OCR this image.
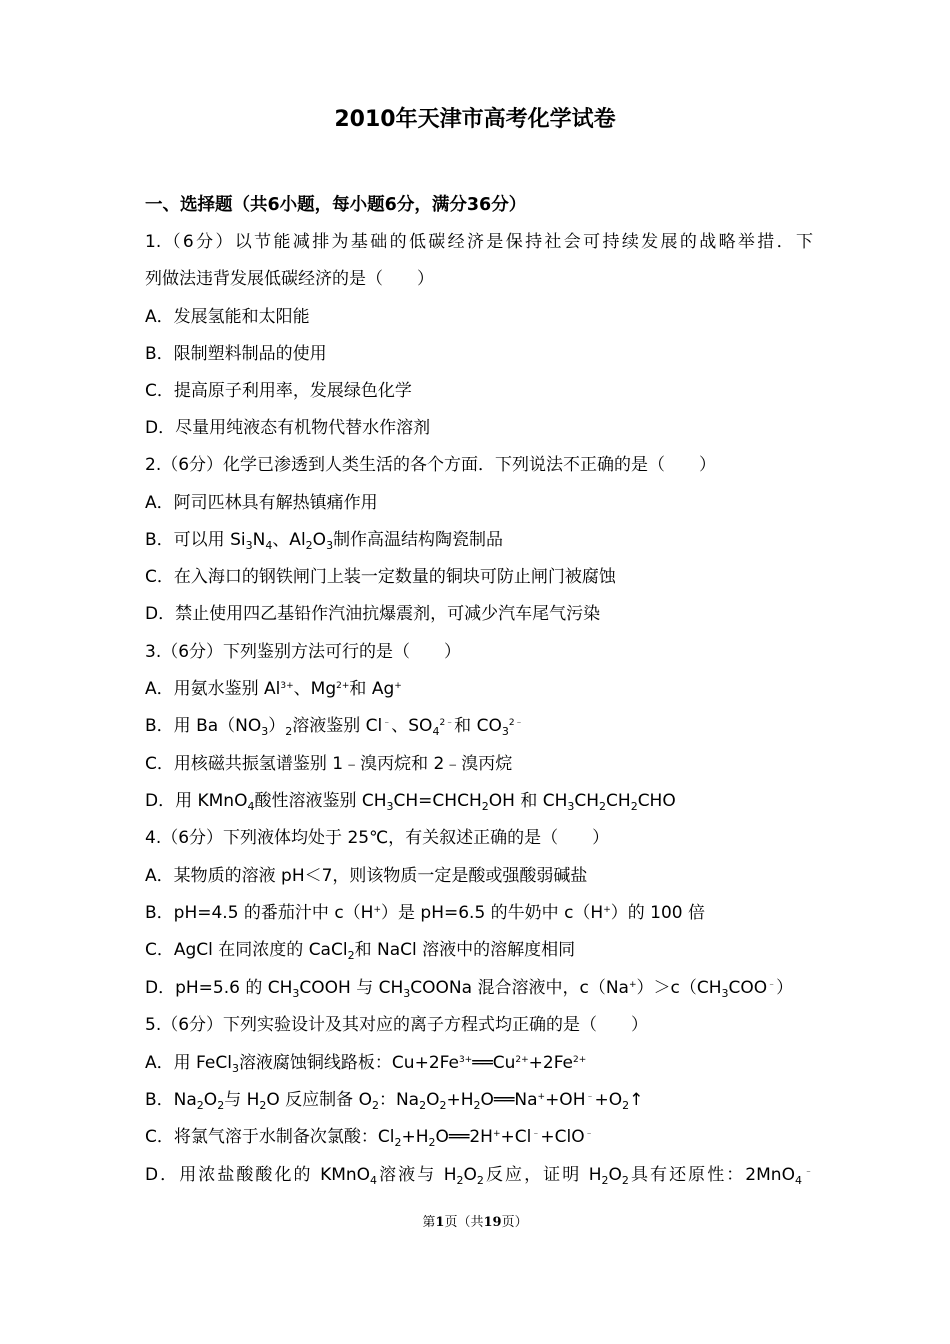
2010年天津市高考化学试卷
一、选择题（共6小题，每小题6分，满分36分）
1.（6分）以节能减排为基础的低碳经济是保持社会可持续发展的战略举措．下
列做法违背发展低碳经济的是（　　）
A．发展氢能和太阳能
B．限制塑料制品的使用
C．提高原子利用率，发展绿色化学
D．尽量用纯液态有机物代替水作溶剂
2.（6分）化学已渗透到人类生活的各个方面．下列说法不正确的是（　　）
A．阿司匹林具有解热镇痛作用
B．可以用 $Si_3N_4$、$Al_2O_3$制作高温结构陶瓷制品
C．在入海口的钢铁闸门上装一定数量的铜块可防止闸门被腐蚀
D．禁止使用四乙基铅作汽油抗爆震剂，可减少汽车尾气污染
3.（6分）下列鉴别方法可行的是（　　）
A．用氨水鉴别 $Al^{3+}$、$Mg^{2+}$和 Ag+
B．用 $Ba(NO_3)_2$溶液鉴别 Cl﹣、$SO_4^{2﹣}$和 $CO_3^{2﹣}$
C．用核磁共振氢谱鉴别 1﹣溴丙烷和 2﹣溴丙烷
D．用 KMnO$_4$酸性溶液鉴别 $CH_3CH=CHCH_2OH$ 和 $CH_3CH_2CH_2CHO$
4.（6分）下列液体均处于 25℃，有关叙述正确的是（　　）
A．某物质的溶液 pH＜7，则该物质一定是酸或强酸弱碱盐
B．pH=4.5 的番茄汁中 c（H+）是 pH=6.5 的牛奶中 c（H+）的 100 倍
C．AgCl 在同浓度的 CaCl$_2$和 NaCl 溶液中的溶解度相同
D．pH=5.6 的 $CH_3COOH$ 与 $CH_3COONa$ 混合溶液中，$c(Na^+)>c(CH_3COO^﹣)$
5.（6分）下列实验设计及其对应的离子方程式均正确的是（　　）
A．用 FeCl$_3$溶液腐蚀铜线路板：$Cu+2Fe^{3+}══Cu^{2+}+2Fe^{2+}$
B．$Na_2O_2$与 $H_2O$ 反应制备 $O_2$：$Na_2O_2+H_2O══Na^++OH^﹣+O_2↑$
C．将氯气溶于水制备次氯酸：$Cl_2+H_2O══2H^++Cl^﹣+ClO^﹣$
D．用浓盐酸酸化的 KMnO$_4$溶液与 $H_2O_2$反应，证明 $H_2O_2$具有还原性：2MnO$_4$﹣
第1页（共19页）
